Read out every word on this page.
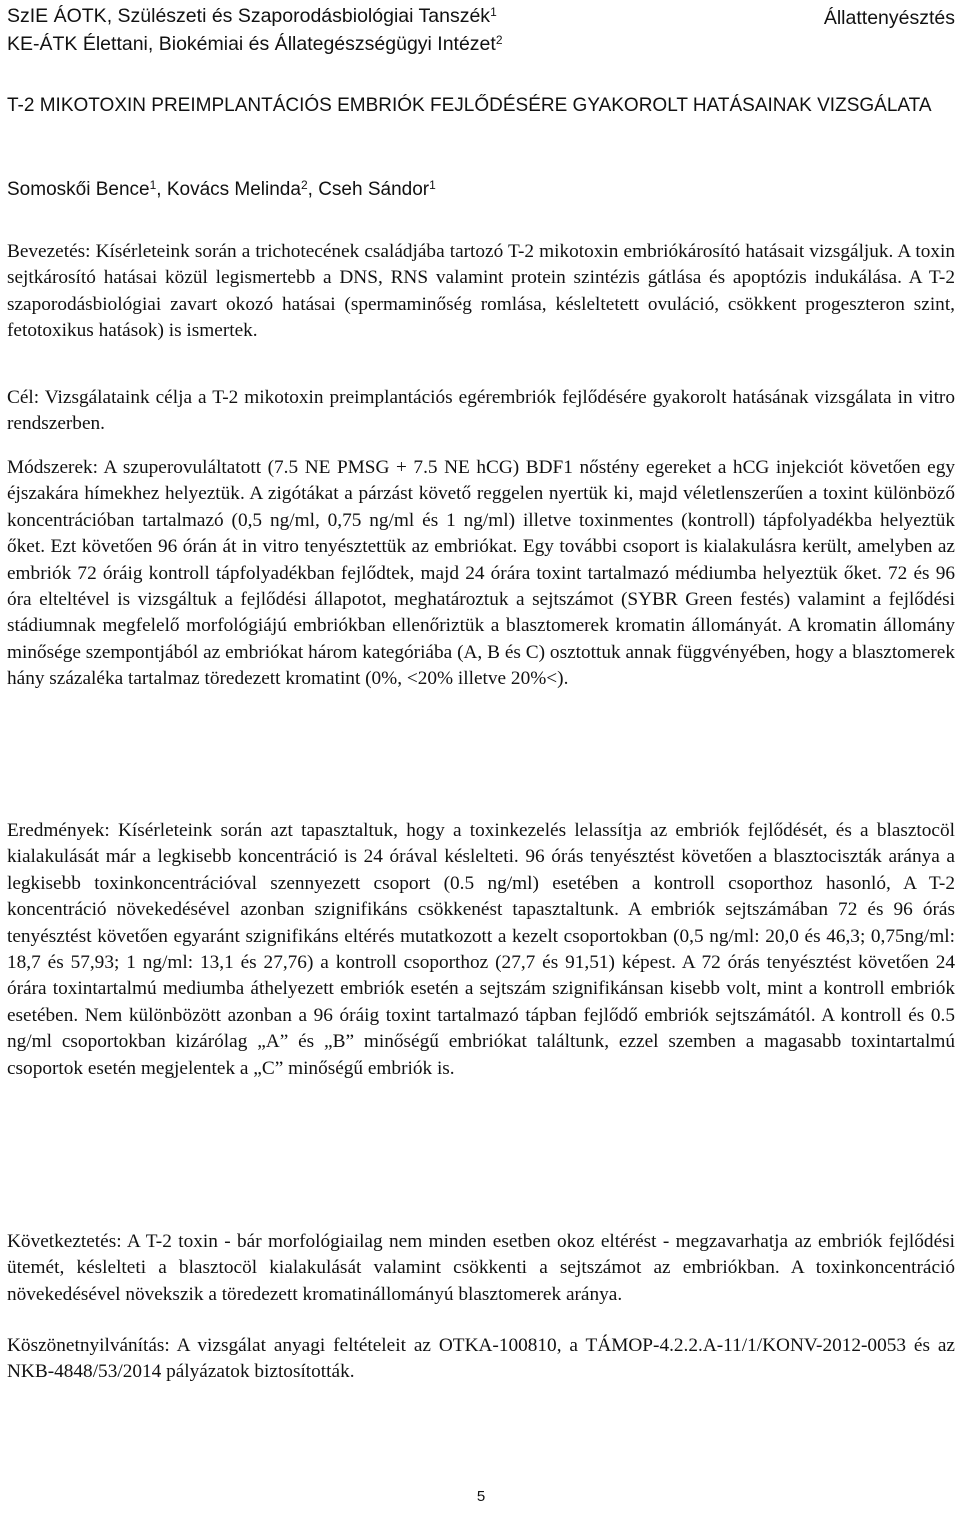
SzIE ÁOTK, Szülészeti és Szaporodásbiológiai Tanszék$^1$
KE-ÁTK Élettani, Biokémiai és Állategészségügyi Intézet$^2$
Állattenyésztés
T-2 MIKOTOXIN PREIMPLANTÁCIÓS EMBRIÓK FEJLŐDÉSÉRE GYAKOROLT HATÁSAINAK VIZSGÁLATA
Somoskői Bence$^1$, Kovács Melinda$^2$, Cseh Sándor$^1$

Bevezetés: Kísérleteink során a trichotecének családjába tartozó T-2 mikotoxin embriókárosító hatásait vizsgáljuk. A toxin sejtkárosító hatásai közül legismertebb a DNS, RNS valamint protein szintézis gátlása és apoptózis indukálása. A T-2 szaporodásbiológiai zavart okozó hatásai (spermaminőség romlása, késleltetett ovuláció, csökkent progeszteron szint, fetotoxikus hatások) is ismertek.

Cél: Vizsgálataink célja a T-2 mikotoxin preimplantációs egérembriók fejlődésére gyakorolt hatásának vizsgálata in vitro rendszerben.

Módszerek: A szuperovuláltatott (7.5 NE PMSG + 7.5 NE hCG) BDF1 nőstény egereket a hCG injekciót követően egy éjszakára hímekhez helyeztük. A zigótákat a párzást követő reggelen nyertük ki, majd véletlenszerűen a toxint különböző koncentrációban tartalmazó (0,5 ng/ml, 0,75 ng/ml és 1 ng/ml) illetve toxinmentes (kontroll) tápfolyadékba helyeztük őket. Ezt követően 96 órán át in vitro tenyésztettük az embriókat. Egy további csoport is kialakulásra került, amelyben az embriók 72 óráig kontroll tápfolyadékban fejlődtek, majd 24 órára toxint tartalmazó médiumba helyeztük őket. 72 és 96 óra elteltével is vizsgáltuk a fejlődési állapotot, meghatároztuk a sejtszámot (SYBR Green festés) valamint a fejlődési stádiumnak megfelelő morfológiájú embriókban ellenőriztük a blasztomerek kromatin állományát. A kromatin állomány minősége szempontjából az embriókat három kategóriába (A, B és C) osztottuk annak függvényében, hogy a blasztomerek hány százaléka tartalmaz töredezett kromatint (0%, <20% illetve 20%<).

Eredmények: Kísérleteink során azt tapasztaltuk, hogy a toxinkezelés lelassítja az embriók fejlődését, és a blasztocöl kialakulását már a legkisebb koncentráció is 24 órával késlelteti. 96 órás tenyésztést követően a blasztociszták aránya a legkisebb toxinkoncentrációval szennyezett csoport (0.5 ng/ml) esetében a kontroll csoporthoz hasonló, A T-2 koncentráció növekedésével azonban szignifikáns csökkenést tapasztaltunk. A embriók sejtszámában 72 és 96 órás tenyésztést követően egyaránt szignifikáns eltérés mutatkozott a kezelt csoportokban (0,5 ng/ml: 20,0 és 46,3; 0,75ng/ml: 18,7 és 57,93; 1 ng/ml: 13,1 és 27,76) a kontroll csoporthoz (27,7 és 91,51) képest. A 72 órás tenyésztést követően 24 órára toxintartalmú mediumba áthelyezett embriók esetén a sejtszám szignifikánsan kisebb volt, mint a kontroll embriók esetében. Nem különbözött azonban a 96 óráig toxint tartalmazó tápban fejlődő embriók sejtszámától. A kontroll és 0.5 ng/ml csoportokban kizárólag „A” és „B” minőségű embriókat találtunk, ezzel szemben a magasabb toxintartalmú csoportok esetén megjelentek a „C” minőségű embriók is.

Következtetés: A T-2 toxin - bár morfológiailag nem minden esetben okoz eltérést - megzavarhatja az embriók fejlődési ütemét, késlelteti a blasztocöl kialakulását valamint csökkenti a sejtszámot az embriókban. A toxinkoncentráció növekedésével növekszik a töredezett kromatinállományú blasztomerek aránya.

Köszönetnyilvánítás: A vizsgálat anyagi feltételeit az OTKA-100810, a TÁMOP-4.2.2.A-11/1/KONV-2012-0053 és az NKB-4848/53/2014 pályázatok biztosították.

5
